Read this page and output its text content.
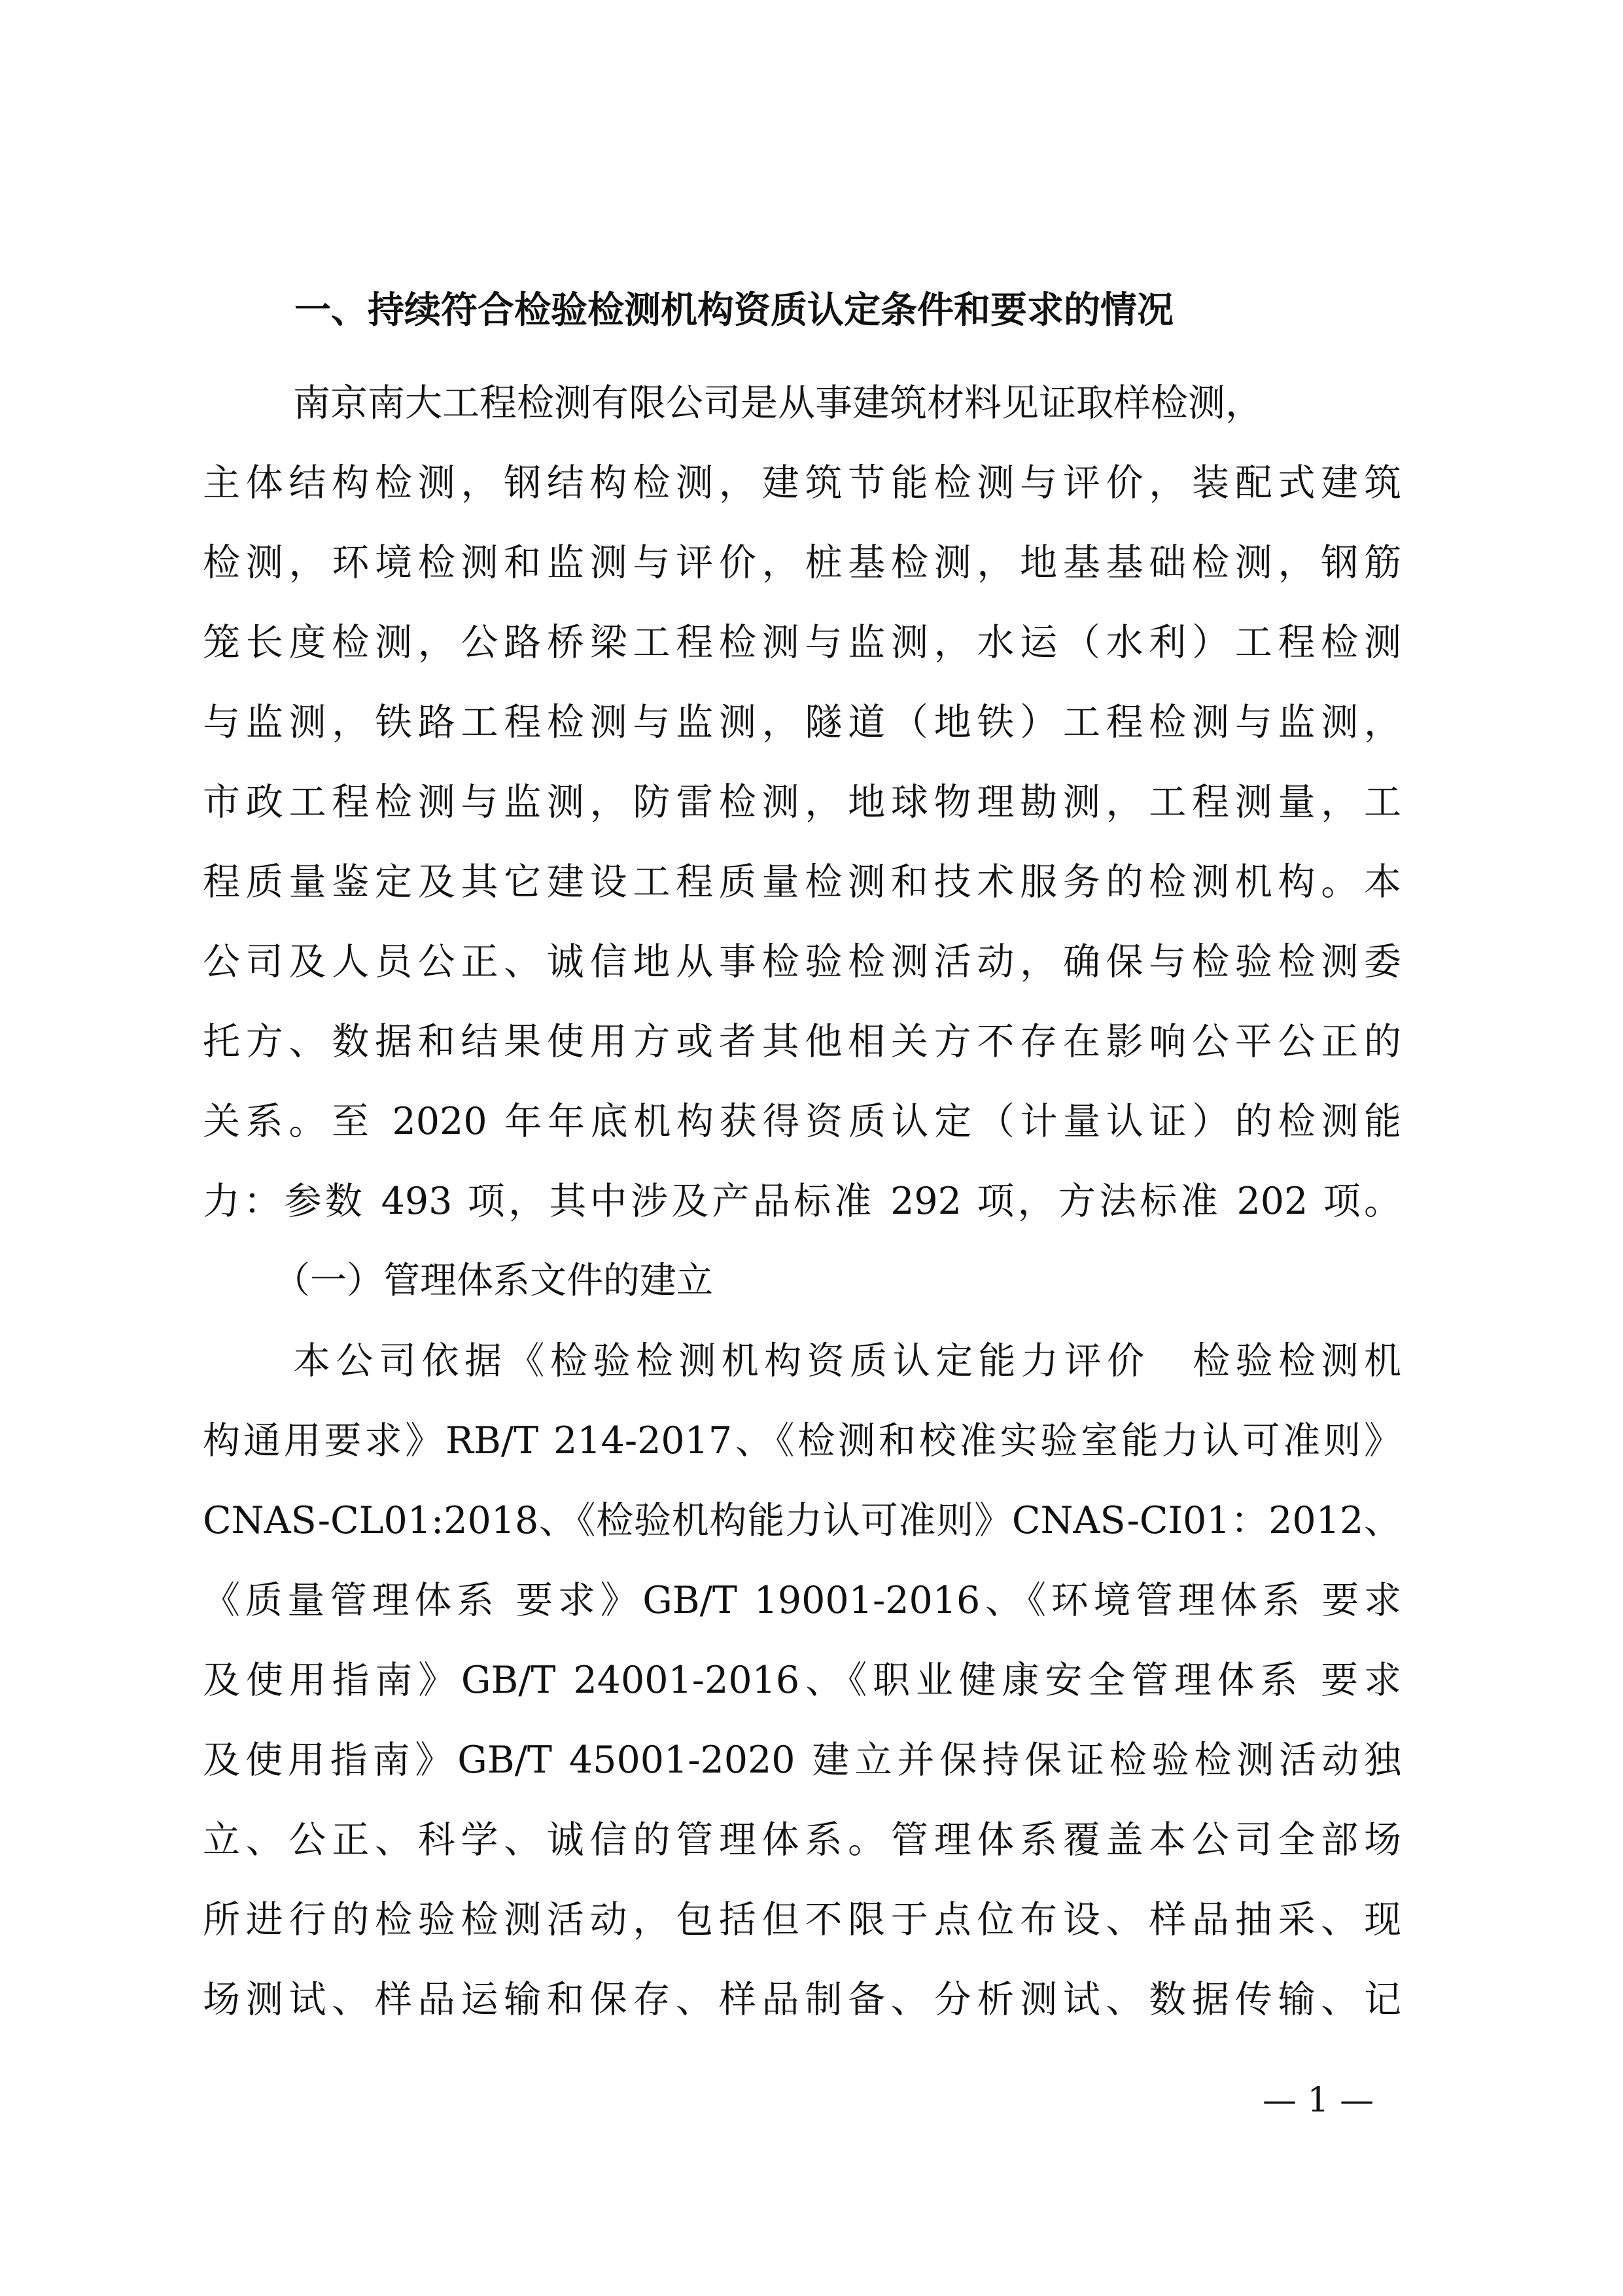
一、持续符合检验检测机构资质认定条件和要求的情况
南京南大工程检测有限公司是从事建筑材料见证取样检测，
主体结构检测，钢结构检测，建筑节能检测与评价，装配式建筑
检测，环境检测和监测与评价，桩基检测，地基基础检测，钢筋
笼长度检测，公路桥梁工程检测与监测，水运（水利）工程检测
与监测，铁路工程检测与监测，隧道（地铁）工程检测与监测，
市政工程检测与监测，防雷检测，地球物理勘测，工程测量，工
程质量鉴定及其它建设工程质量检测和技术服务的检测机构。本
公司及人员公正、诚信地从事检验检测活动，确保与检验检测委
托方、数据和结果使用方或者其他相关方不存在影响公平公正的
关系。至 2020 年年底机构获得资质认定（计量认证）的检测能
力：参数 493 项，其中涉及产品标准 292 项，方法标准 202 项。
（一）管理体系文件的建立
本公司依据《检验检测机构资质认定能力评价　检验检测机
构通用要求》RB/T 214-2017、《检测和校准实验室能力认可准则》
CNAS-CL01:2018、《检验机构能力认可准则》CNAS-CI01：2012、
《质量管理体系 要求》GB/T 19001-2016、《环境管理体系 要求
及使用指南》GB/T 24001-2016、《职业健康安全管理体系 要求
及使用指南》GB/T 45001-2020 建立并保持保证检验检测活动独
立、公正、科学、诚信的管理体系。管理体系覆盖本公司全部场
所进行的检验检测活动，包括但不限于点位布设、样品抽采、现
场测试、样品运输和保存、样品制备、分析测试、数据传输、记
— 1 —
